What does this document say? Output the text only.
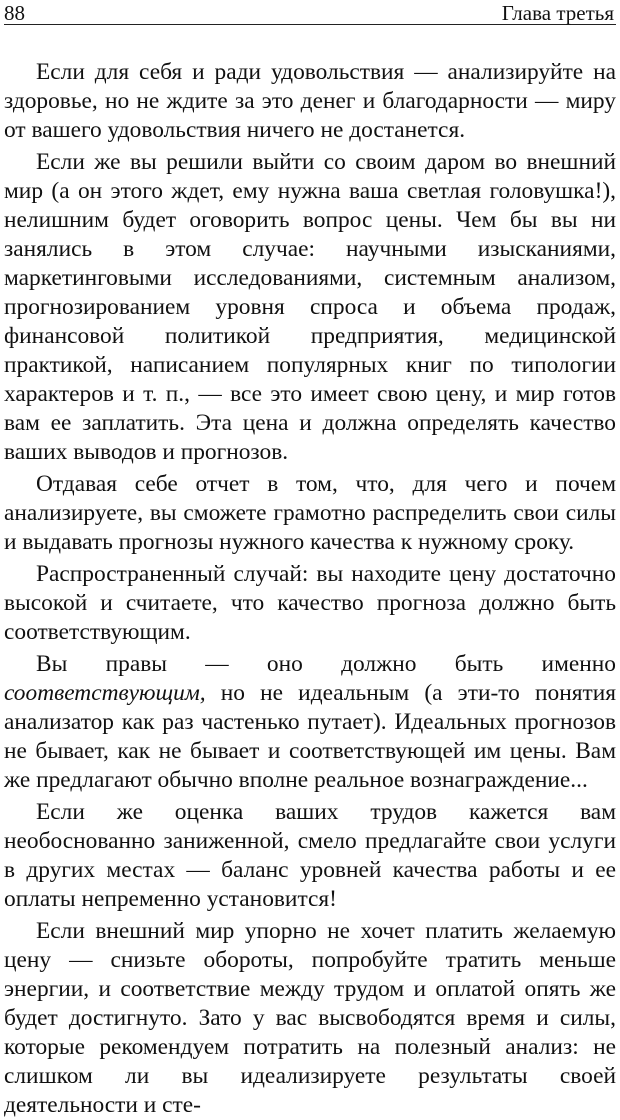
88	Глава третья

Если для себя и ради удовольствия — анализируйте на здоровье, но не ждите за это денег и благодарности — миру от вашего удовольствия ничего не достанется.

Если же вы решили выйти со своим даром во внешний мир (а он этого ждет, ему нужна ваша светлая головушка!), нелишним будет оговорить вопрос цены. Чем бы вы ни занялись в этом случае: научными изысканиями, маркетинговыми исследованиями, системным анализом, прогнозированием уровня спроса и объема продаж, финансовой политикой предприятия, медицинской практикой, написанием популярных книг по типологии характеров и т. п., — все это имеет свою цену, и мир готов вам ее заплатить. Эта цена и должна определять качество ваших выводов и прогнозов.

Отдавая себе отчет в том, что, для чего и почем анализируете, вы сможете грамотно распределить свои силы и выдавать прогнозы нужного качества к нужному сроку.

Распространенный случай: вы находите цену достаточно высокой и считаете, что качество прогноза должно быть соответствующим.

Вы правы — оно должно быть именно соответствующим, но не идеальным (а эти-то понятия анализатор как раз частенько путает). Идеальных прогнозов не бывает, как не бывает и соответствующей им цены. Вам же предлагают обычно вполне реальное вознаграждение...

Если же оценка ваших трудов кажется вам необоснованно заниженной, смело предлагайте свои услуги в других местах — баланс уровней качества работы и ее оплаты непременно установится!

Если внешний мир упорно не хочет платить желаемую цену — снизьте обороты, попробуйте тратить меньше энергии, и соответствие между трудом и оплатой опять же будет достигнуто. Зато у вас высвободятся время и силы, которые рекомендуем потратить на полезный анализ: не слишком ли вы идеализируете результаты своей деятельности и сте-
